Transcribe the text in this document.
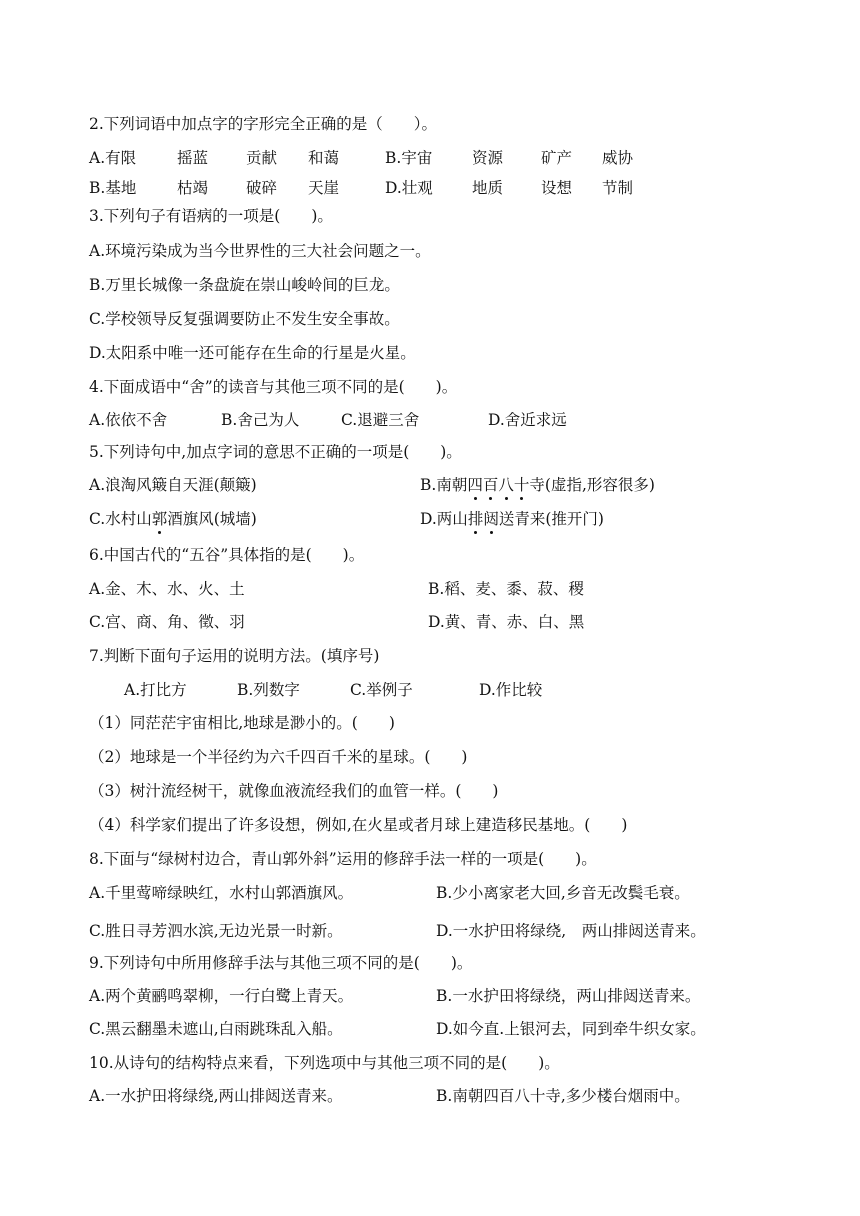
2.下列词语中加点字的字形完全正确的是（　　）。
A.有限	摇蓝 贡献 和蔼	B.宇宙	资源 矿产 威协
B.基地	枯竭 破碎 天崖	D.壮观	地质 设想 节制
3.下列句子有语病的一项是(　　)。
A.环境污染成为当今世界性的三大社会问题之一。
B.万里长城像一条盘旋在崇山峻岭间的巨龙。
C.学校领导反复强调要防止不发生安全事故。
D.太阳系中唯一还可能存在生命的行星是火星。
4.下面成语中“舍”的读音与其他三项不同的是(　　)。
A.依依不舍	B.舍己为人	C.退避三舍	D.舍近求远
5.下列诗句中,加点字词的意思不正确的一项是(　　)。
A.浪淘风簸自天涯(颠簸)	B.南朝四百八十寺(虚指,形容很多)
C.水村山郭酒旗风(城墙)	D.两山排闼送青来(推开门)
6.中国古代的“五谷”具体指的是(　　)。
A.金、木、水、火、土	B.稻、麦、黍、菽、稷
C.宫、商、角、徵、羽	D.黄、青、赤、白、黑
7.判断下面句子运用的说明方法。(填序号)
A.打比方	B.列数字	C.举例子	D.作比较
（1）同茫茫宇宙相比,地球是渺小的。(　　)
（2）地球是一个半径约为六千四百千米的星球。(　　)
（3）树汁流经树干，就像血液流经我们的血管一样。(　　)
（4）科学家们提出了许多设想，例如,在火星或者月球上建造移民基地。(　　)
8.下面与“绿树村边合，青山郭外斜”运用的修辞手法一样的一项是(　　)。
A.千里莺啼绿映红，水村山郭酒旗风。	B.少小离家老大回,乡音无改鬓毛衰。
C.胜日寻芳泗水滨,无边光景一时新。	D.一水护田将绿绕,　两山排闼送青来。
9.下列诗句中所用修辞手法与其他三项不同的是(　　)。
A.两个黄鹂鸣翠柳，一行白鹭上青天。	B.一水护田将绿绕，两山排闼送青来。
C.黑云翻墨未遮山,白雨跳珠乱入船。	D.如今直.上银河去，同到牵牛织女家。
10.从诗句的结构特点来看，下列选项中与其他三项不同的是(　　)。
A.一水护田将绿绕,两山排闼送青来。	B.南朝四百八十寺,多少楼台烟雨中。
